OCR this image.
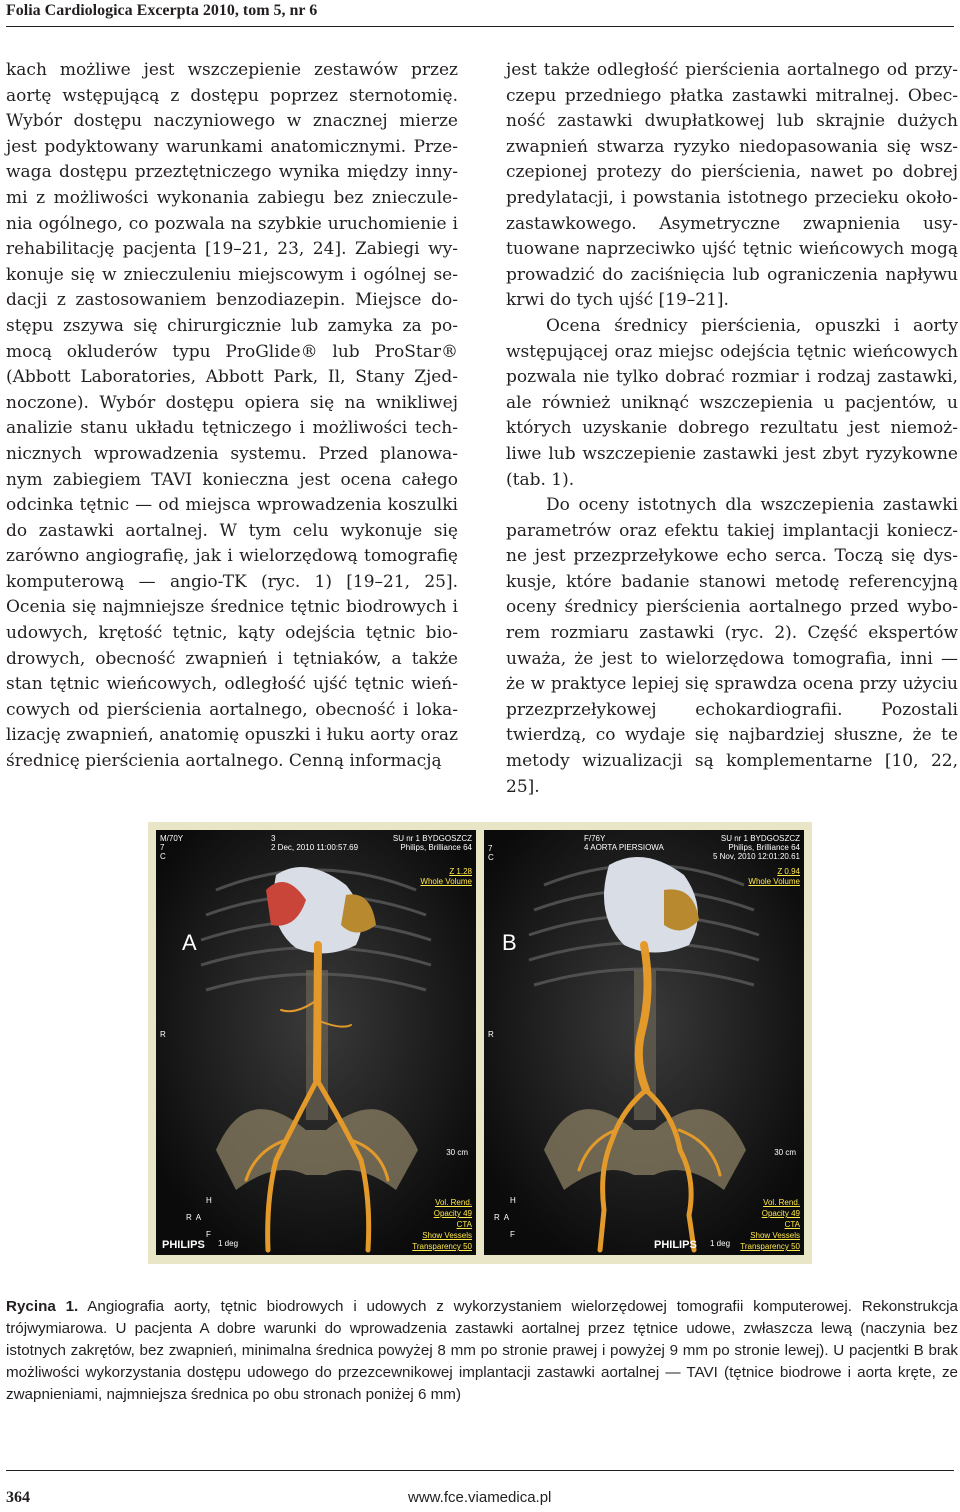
Folia Cardiologica Excerpta 2010, tom 5, nr 6

kach możliwe jest wszczepienie zestawów przez aortę wstępującą z dostępu poprzez sternotomię. Wybór dostępu naczyniowego w znacznej mierze jest podyktowany warunkami anatomicznymi. Przewaga dostępu przeztętniczego wynika między innymi z możliwości wykonania zabiegu bez znieczulenia ogólnego, co pozwala na szybkie uruchomienie i rehabilitację pacjenta [19–21, 23, 24]. Zabiegi wykonuje się w znieczuleniu miejscowym i ogólnej sedacji z zastosowaniem benzodiazepin. Miejsce dostępu zszywa się chirurgicznie lub zamyka za pomocą okluderów typu ProGlide® lub ProStar® (Abbott Laboratories, Abbott Park, Il, Stany Zjednoczone). Wybór dostępu opiera się na wnikliwej analizie stanu układu tętniczego i możliwości technicznych wprowadzenia systemu. Przed planowanym zabiegiem TAVI konieczna jest ocena całego odcinka tętnic — od miejsca wprowadzenia koszulki do zastawki aortalnej. W tym celu wykonuje się zarówno angiografię, jak i wielorzędową tomografię komputerową — angio-TK (ryc. 1) [19–21, 25]. Ocenia się najmniejsze średnice tętnic biodrowych i udowych, krętość tętnic, kąty odejścia tętnic biodrowych, obecność zwapnień i tętniaków, a także stan tętnic wieńcowych, odległość ujść tętnic wieńcowych od pierścienia aortalnego, obecność i lokalizację zwapnień, anatomię opuszki i łuku aorty oraz średnicę pierścienia aortalnego. Cenną informacją

jest także odległość pierścienia aortalnego od przyczepu przedniego płatka zastawki mitralnej. Obecność zastawki dwupłatkowej lub skrajnie dużych zwapnień stwarza ryzyko niedopasowania się wszczepionej protezy do pierścienia, nawet po dobrej predylatacji, i powstania istotnego przecieku okołozastawkowego. Asymetryczne zwapnienia usytuowane naprzeciwko ujść tętnic wieńcowych mogą prowadzić do zaciśnięcia lub ograniczenia napływu krwi do tych ujść [19–21].

Ocena średnicy pierścienia, opuszki i aorty wstępującej oraz miejsc odejścia tętnic wieńcowych pozwala nie tylko dobrać rozmiar i rodzaj zastawki, ale również uniknąć wszczepienia u pacjentów, u których uzyskanie dobrego rezultatu jest niemożliwe lub wszczepienie zastawki jest zbyt ryzykowne (tab. 1).

Do oceny istotnych dla wszczepienia zastawki parametrów oraz efektu takiej implantacji konieczne jest przezprzełykowe echo serca. Toczą się dyskusje, które badanie stanowi metodę referencyjną oceny średnicy pierścienia aortalnego przed wyborem rozmiaru zastawki (ryc. 2). Część ekspertów uważa, że jest to wielorzędowa tomografia, inni — że w praktyce lepiej się sprawdza ocena przy użyciu przezprzełykowej echokardiografii. Pozostali twierdzą, co wydaje się najbardziej słuszne, że te metody wizualizacji są komplementarne [10, 22, 25].

M/70Y
7
C
3
2 Dec, 2010 11:00:57.69
SU nr 1 BYDGOSZCZ
Philips, Brilliance 64

Z 1.28
Whole Volume
A
R
30 cm
H
R  A
F
PHILIPS 1 deg
Vol. Rend.
Opacity 49
CTA
Show Vessels
Transparency 50
7
C
F/76Y
4 AORTA PIERSIOWA
SU nr 1 BYDGOSZCZ
Philips, Brilliance 64
5 Nov, 2010 12:01:20.61
Z 0.94
Whole Volume
B
R
30 cm
H
R  A
F
PHILIPS 1 deg
Vol. Rend.
Opacity 49
CTA
Show Vessels
Transparency 50
Rycina 1. Angiografia aorty, tętnic biodrowych i udowych z wykorzystaniem wielorzędowej tomografii komputerowej. Rekonstrukcja trójwymiarowa. U pacjenta A dobre warunki do wprowadzenia zastawki aortalnej przez tętnice udowe, zwłaszcza lewą (naczynia bez istotnych zakrętów, bez zwapnień, minimalna średnica powyżej 8 mm po stronie prawej i powyżej 9 mm po stronie lewej). U pacjentki B brak możliwości wykorzystania dostępu udowego do przezcewnikowej implantacji zastawki aortalnej — TAVI (tętnice biodrowe i aorta kręte, ze zwapnieniami, najmniejsza średnica po obu stronach poniżej 6 mm)
364	www.fce.viamedica.pl
